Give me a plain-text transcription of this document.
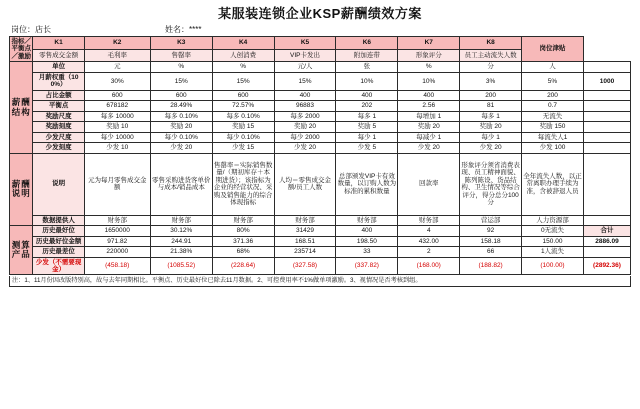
某服装连锁企业KSP薪酬绩效方案
岗位：店长	姓名：****
指标／平衡点／激励	K1	K2	K3	K4	K5	K6	K7	K8	岗位津贴	
	零售成交金额	毛利率	售罄率	人创消费	VIP卡发出	附加连带	形象评分	员工主动流失人数		

薪酬结构	单位	元	%	%	元/人	张	%	分	人	
	月薪权重（100%）	30%	15%	15%	15%	10%	10%	3%	5%	1000
	占比金额	600	600	600	400	400	400	200	200	
	平衡点	678182	28.49%	72.57%	96883	202	2.56	81	0.7	
	奖励尺度	每多 10000	每多 0.10%	每多 0.10%	每多 2000	每多 1	每增加 1	每多 1	无流失	
	奖励刻度	奖励 10	奖励 20	奖励 15	奖励 20	奖励 5	奖励 20	奖励 20	奖励 150	
	少发尺度	每少 10000	每少 0.10%	每少 0.10%	每少 2000	每少 1	每减少 1	每少 1	每流失人1	
	少发刻度	少发 10	少发 20	少发 15	少发 20	少发 5	少发 20	少发 20	少发 100	

薪酬说明	说明	元为每月零售成交金额	零售采购进货客单价与成本/销品成本	售罄率＝实际销售数量/（期初库存＋本期进货）；该指标为企业的经营状况、采购及销售能力的综合体现指标	人均＝零售成交金额/员工人数	总部颁发VIP卡有效数量，以订购人数为标准的累积数量	回款率	形象评分须省消费表现、员工精神面貌、陈列陈设、货品结构、卫生情况等综合评分，得分总分100分	全年流失人数，以正常离职办理手续为准，含被辞退人员	
	数据提供人	财务部	财务部	财务部	财务部	财务部	财务部	营运部	人力资源部	

测算产品	历史最好位	1650000	30.12%	80%	31429	400	4	92	0无流失	合计
	历史最好位金额	971.82	244.91	371.36	168.51	198.50	432.00	158.18	150.00	2886.09
	历史最差位	220000	21.38%	68%	235714	33	2	66	1人流失	
	少发（不需要现金）	(458.18)	(1085.52)	(228.64)	(327.58)	(337.82)	(168.00)	(188.82)	(100.00)	(2892.36)
注：1、11月份因改版特别高，故与去年同期相比。平衡点、历史最好位已除去11月数据。2、可控费用率不1%做单项激励。3、视情况是否考核到组。
